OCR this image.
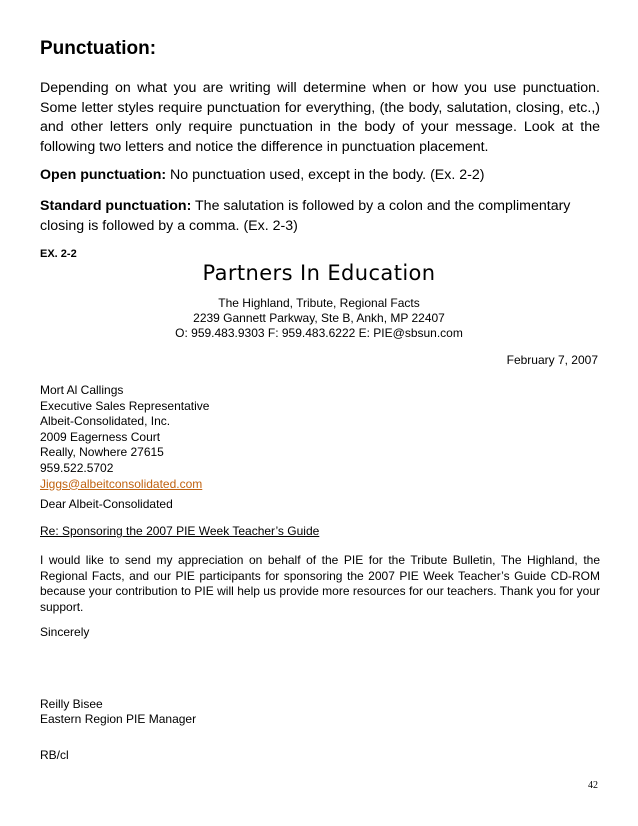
Punctuation:

Depending on what you are writing will determine when or how you use punctuation. Some letter styles require punctuation for everything, (the body, salutation, closing, etc.,) and other letters only require punctuation in the body of your message. Look at the following two letters and notice the difference in punctuation placement.

Open punctuation: No punctuation used, except in the body. (Ex. 2-2)

Standard punctuation: The salutation is followed by a colon and the complimentary closing is followed by a comma. (Ex. 2-3)

EX. 2-2
Partners In Education
The Highland, Tribute, Regional Facts
2239 Gannett Parkway, Ste B, Ankh, MP 22407
O: 959.483.9303 F: 959.483.6222 E: PIE@sbsun.com
February 7, 2007
Mort Al Callings
Executive Sales Representative
Albeit-Consolidated, Inc.
2009 Eagerness Court
Really, Nowhere 27615
959.522.5702
Jiggs@albeitconsolidated.com
Dear Albeit-Consolidated
Re: Sponsoring the 2007 PIE Week Teacher’s Guide

I would like to send my appreciation on behalf of the PIE for the Tribute Bulletin, The Highland, the Regional Facts, and our PIE participants for sponsoring the 2007 PIE Week Teacher’s Guide CD-ROM because your contribution to PIE will help us provide more resources for our teachers. Thank you for your support.

Sincerely
Reilly Bisee
Eastern Region PIE Manager
RB/cl
42
